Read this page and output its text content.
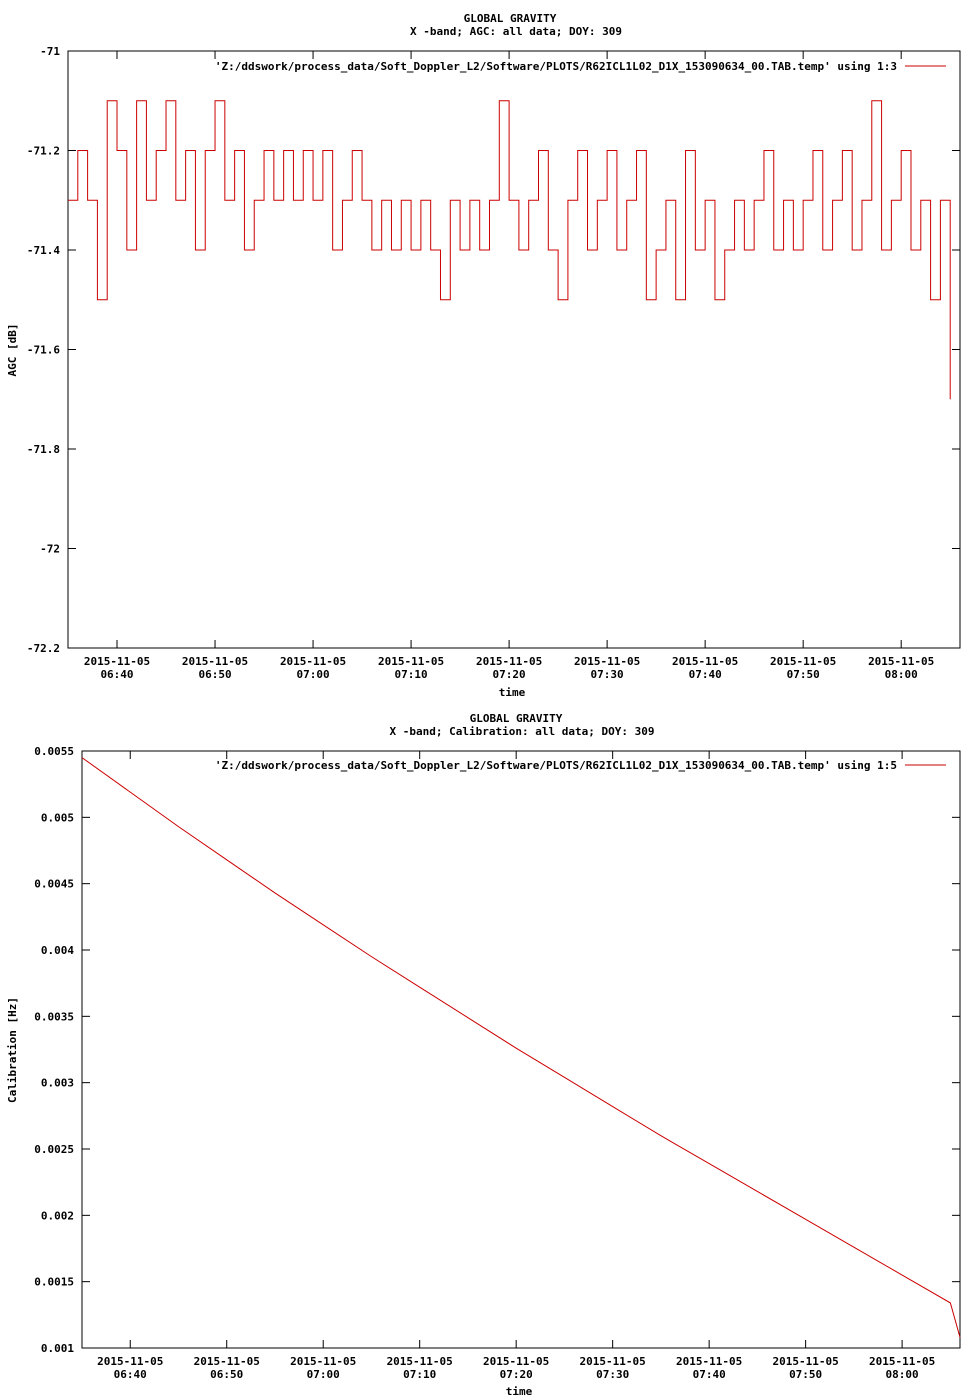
GLOBAL GRAVITY
X -band; AGC: all data; DOY: 309
-71
-71.2
-71.4
-71.6
-71.8
-72
-72.2
2015-11-05
06:40
2015-11-05
06:50
2015-11-05
07:00
2015-11-05
07:10
2015-11-05
07:20
2015-11-05
07:30
2015-11-05
07:40
2015-11-05
07:50
2015-11-05
08:00
AGC [dB]
time
'Z:/ddswork/process_data/Soft_Doppler_L2/Software/PLOTS/R62ICL1L02_D1X_153090634_00.TAB.temp' using 1:3
GLOBAL GRAVITY
X -band; Calibration: all data; DOY: 309
0.0055
0.005
0.0045
0.004
0.0035
0.003
0.0025
0.002
0.0015
0.001
2015-11-05
06:40
2015-11-05
06:50
2015-11-05
07:00
2015-11-05
07:10
2015-11-05
07:20
2015-11-05
07:30
2015-11-05
07:40
2015-11-05
07:50
2015-11-05
08:00
Calibration [Hz]
time
'Z:/ddswork/process_data/Soft_Doppler_L2/Software/PLOTS/R62ICL1L02_D1X_153090634_00.TAB.temp' using 1:5
